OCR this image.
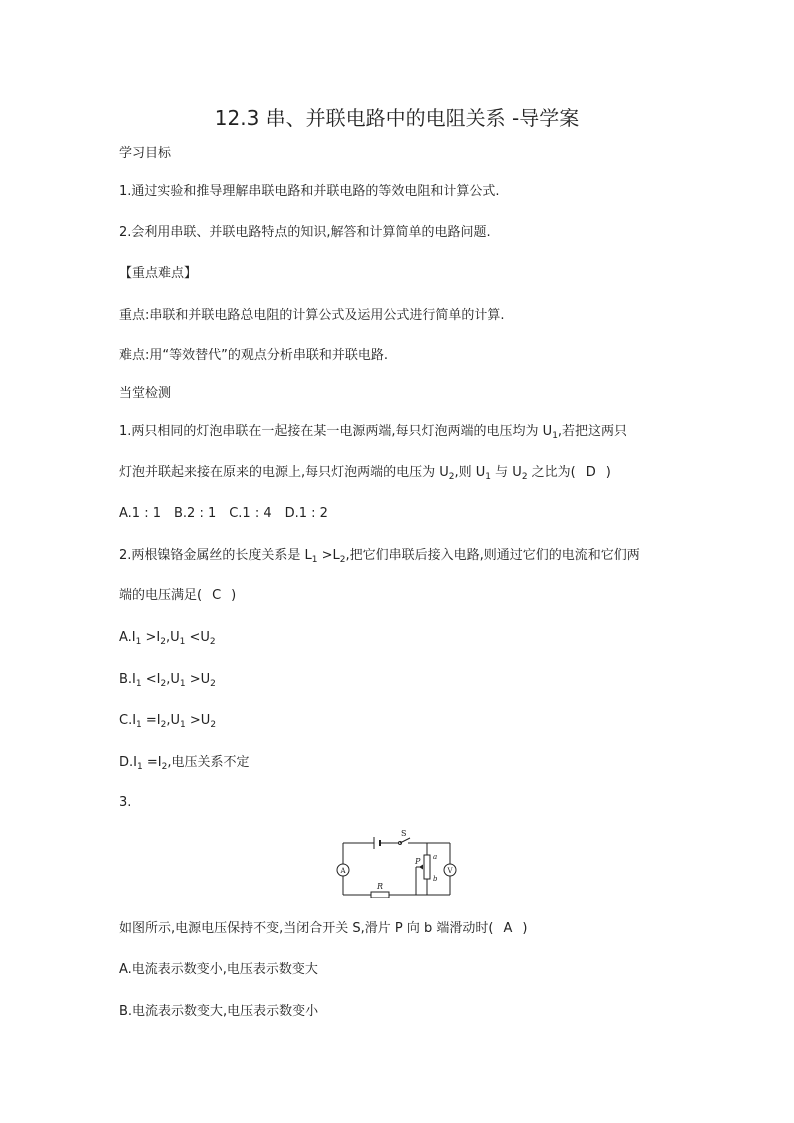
12.3 串、并联电路中的电阻关系 -导学案
学习目标
1.通过实验和推导理解串联电路和并联电路的等效电阻和计算公式.
2.会利用串联、并联电路特点的知识,解答和计算简单的电路问题.
【重点难点】
重点:串联和并联电路总电阻的计算公式及运用公式进行简单的计算.
难点:用“等效替代”的观点分析串联和并联电路.
当堂检测
1.两只相同的灯泡串联在一起接在某一电源两端,每只灯泡两端的电压均为 $U_1$,若把这两只
灯泡并联起来接在原来的电源上,每只灯泡两端的电压为 $U_2$,则 $U_1$ 与 $U_2$ 之比为( D )
A.1 : 1　B.2 : 1　C.1 : 4　D.1 : 2
2.两根镍铬金属丝的长度关系是 $L_1 >L_2$,把它们串联后接入电路,则通过它们的电流和它们两
端的电压满足( C )
$A.I_1 >I_2,U_1 <U_2$
$B.I_1 <I_2,U_1 >U_2$
$C.I_1 =I_2,U_1 >U_2$
$D.I_1 =I_2$,电压关系不定
3.
S
A	V
R
P a
b
如图所示,电源电压保持不变,当闭合开关 S,滑片 P 向 b 端滑动时( A )
A.电流表示数变小,电压表示数变大
B.电流表示数变大,电压表示数变小
